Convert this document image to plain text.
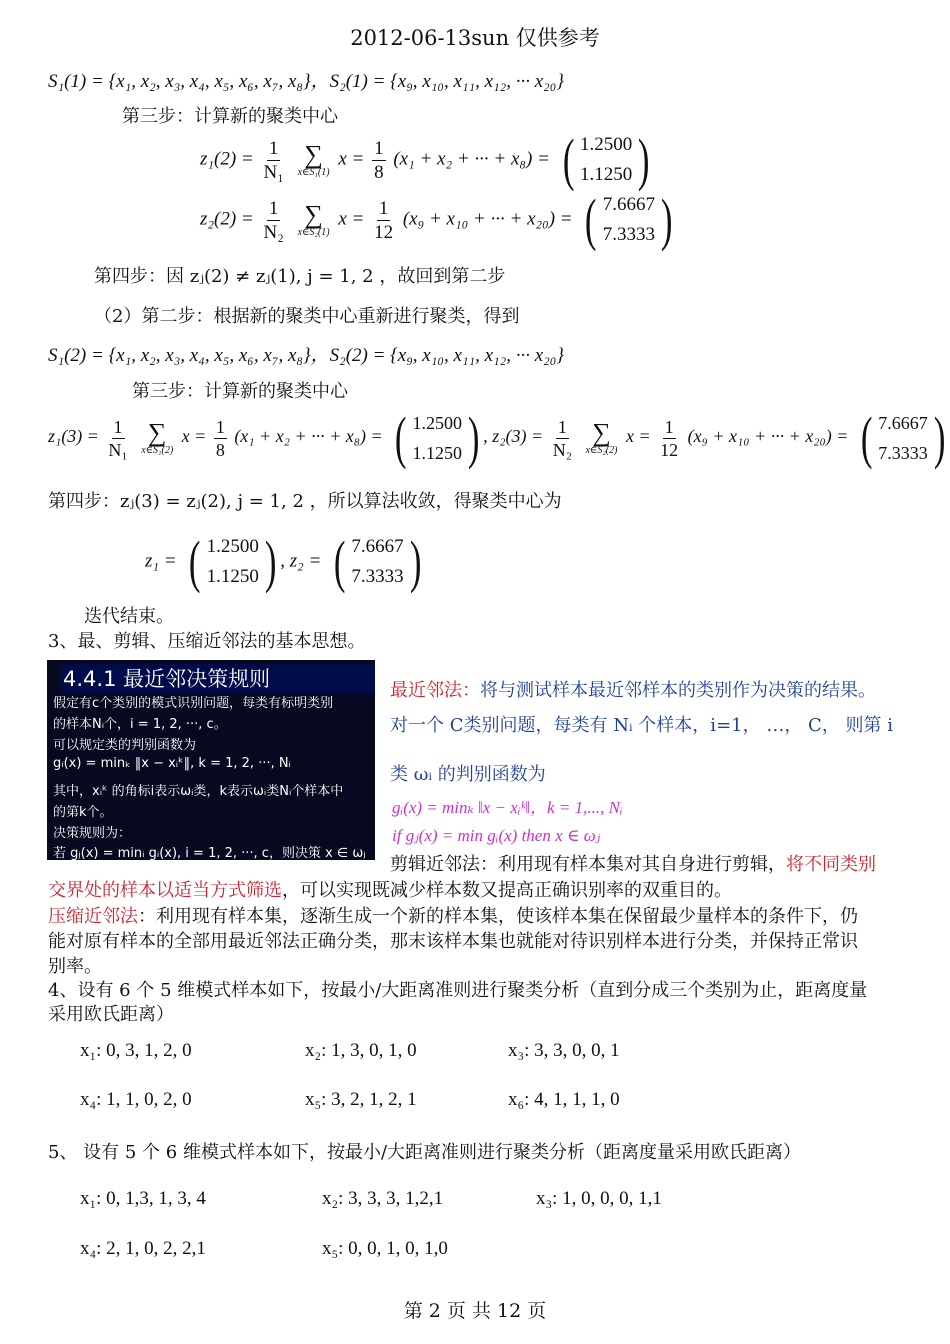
2012-06-13sun 仅供参考
S₁(1) = {x₁, x₂, x₃, x₄, x₅, x₆, x₇, x₈}，S₂(1) = {x₉, x₁₀, x₁₁, x₁₂, ··· x₂₀}
第三步：计算新的聚类中心
$z_1(2) = \frac{1}{\text{N₁}}$
∑
x∈S₁(1)
$x = \frac{1}{8} (x_1 + x_2$ + ··· + x₈) = ( 1.2500
1.1250 )
$z_2(2) = \frac{1}{\text{N₂}}$
∑
x∈S₂(1)
$x = \frac{1}{12} (x_9 + x_{10}$ + ··· + x₂₀) = ( 7.6667
7.3333 )
第四步：因 zⱼ(2) ≠ zⱼ(1), j = 1, 2 ，故回到第二步
（2）第二步：根据新的聚类中心重新进行聚类，得到
S₁(2) = {x₁, x₂, x₃, x₄, x₅, x₆, x₇, x₈}，S₂(2) = {x₉, x₁₀, x₁₁, x₁₂, ··· x₂₀}
第三步：计算新的聚类中心
$z_1(3) = \frac{1}{\text{N₁}}$
∑
x∈S₁(2)
$x = \frac{1}{8} (x_1 + x_2$ + ··· + x₈) = ( 1.2500
1.1250 ) , $z_2(3) = \frac{1}{\text{N₂}}$
∑
x∈S₂(2)
$x = \frac{1}{12} (x_9 + x_{10}$ + ··· + x₂₀) = ( 7.6667
7.3333 )
第四步：zⱼ(3) = zⱼ(2), j = 1, 2 ，所以算法收敛，得聚类中心为
z₁ = ( 1.2500
1.1250 ) , z₂ = ( 7.6667
7.3333 )
迭代结束。
3、最、剪辑、压缩近邻法的基本思想。
4.4.1 最近邻决策规则
假定有c个类别的模式识别问题，每类有标明类别
的样本Nᵢ个，i = 1, 2, ···, c。
可以规定类的判别函数为
gᵢ(x) = minₖ ‖x − xᵢᵏ‖, k = 1, 2, ···, Nᵢ
其中，xᵢᵏ 的角标i表示ωᵢ类，k表示ωᵢ类Nᵢ个样本中
的第k个。
决策规则为：
若 gⱼ(x) = minᵢ gᵢ(x), i = 1, 2, ···, c，则决策 x ∈ ωⱼ
最近邻法：将与测试样本最近邻样本的类别作为决策的结果。
对一个 C类别问题，每类有 Nᵢ 个样本，i=1， …， C， 则第 i
类 ωᵢ 的判别函数为
gᵢ(x) = minₖ ‖x − xᵢᵏ‖，k = 1,..., Nᵢ
if gⱼ(x) = min gᵢ(x) then x ∈ ωⱼ
剪辑近邻法：利用现有样本集对其自身进行剪辑，将不同类别
交界处的样本以适当方式筛选，可以实现既减少样本数又提高正确识别率的双重目的。
压缩近邻法：利用现有样本集，逐渐生成一个新的样本集，使该样本集在保留最少量样本的条件下，仍
能对原有样本的全部用最近邻法正确分类，那末该样本集也就能对待识别样本进行分类，并保持正常识
别率。
4、设有 6 个 5 维模式样本如下，按最小/大距离准则进行聚类分析（直到分成三个类别为止，距离度量
采用欧氏距离）
x₁: 0, 3, 1, 2, 0	x₂: 1, 3, 0, 1, 0	x₃: 3, 3, 0, 0, 1
x₄: 1, 1, 0, 2, 0	x₅: 3, 2, 1, 2, 1	x₆: 4, 1, 1, 1, 0
5、 设有 5 个 6 维模式样本如下，按最小/大距离准则进行聚类分析（距离度量采用欧氏距离）
x₁: 0, 1,3, 1, 3, 4	x₂: 3, 3, 3, 1,2,1	x₃: 1, 0, 0, 0, 1,1
x₄: 2, 1, 0, 2, 2,1	x₅: 0, 0, 1, 0, 1,0
第 2 页 共 12 页
